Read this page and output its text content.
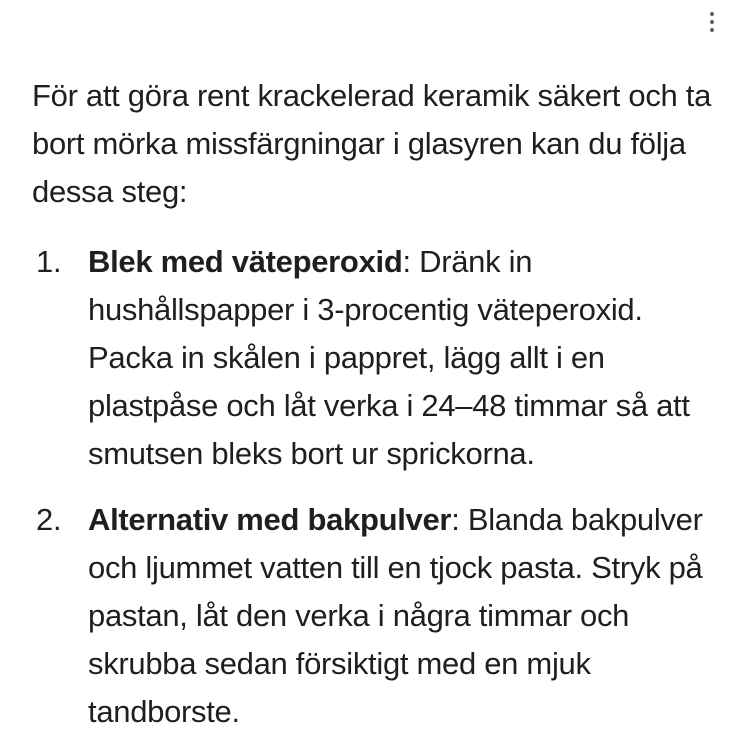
För att göra rent krackelerad keramik säkert och ta bort mörka missfärgningar i glasyren kan du följa dessa steg:

1. Blek med väteperoxid: Dränk in hushållspapper i 3-procentig väteperoxid. Packa in skålen i pappret, lägg allt i en plastpåse och låt verka i 24–48 timmar så att smutsen bleks bort ur sprickorna.
2. Alternativ med bakpulver: Blanda bakpulver och ljummet vatten till en tjock pasta. Stryk på pastan, låt den verka i några timmar och skrubba sedan försiktigt med en mjuk tandborste.
